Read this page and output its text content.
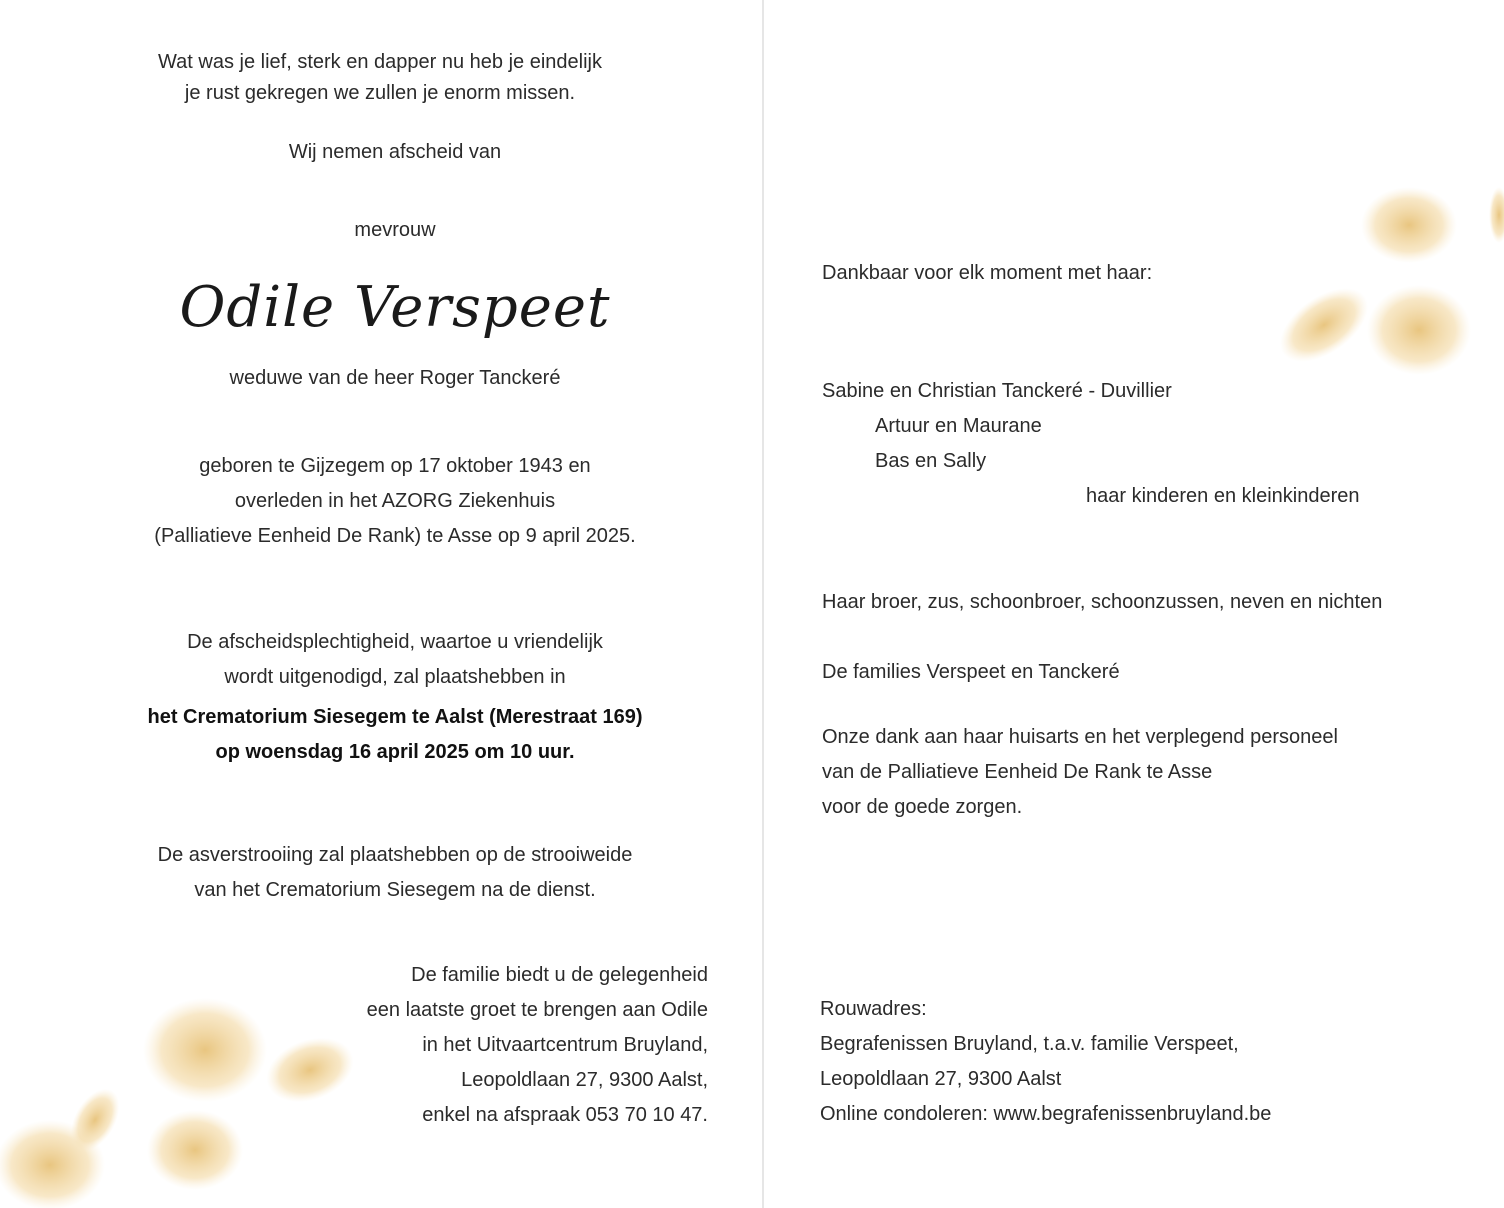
Wat was je lief, sterk en dapper nu heb je eindelijk
je rust gekregen we zullen je enorm missen.
Wij nemen afscheid van
mevrouw
Odile Verspeet
weduwe van de heer Roger Tanckeré
geboren te Gijzegem op 17 oktober 1943 en
overleden in het AZORG Ziekenhuis
(Palliatieve Eenheid De Rank) te Asse op 9 april 2025.
De afscheidsplechtigheid, waartoe u vriendelijk
wordt uitgenodigd, zal plaatshebben in
het Crematorium Siesegem te Aalst (Merestraat 169)
op woensdag 16 april 2025 om 10 uur.
De asverstrooiing zal plaatshebben op de strooiweide
van het Crematorium Siesegem na de dienst.
De familie biedt u de gelegenheid
een laatste groet te brengen aan Odile
in het Uitvaartcentrum Bruyland,
Leopoldlaan 27, 9300 Aalst,
enkel na afspraak 053 70 10 47.
Dankbaar voor elk moment met haar:
Sabine en Christian Tanckeré - Duvillier
Artuur en Maurane
Bas en Sally
haar kinderen en kleinkinderen
Haar broer, zus, schoonbroer, schoonzussen, neven en nichten
De families Verspeet en Tanckeré
Onze dank aan haar huisarts en het verplegend personeel
van de Palliatieve Eenheid De Rank te Asse
voor de goede zorgen.
Rouwadres:
Begrafenissen Bruyland, t.a.v. familie Verspeet,
Leopoldlaan 27, 9300 Aalst
Online condoleren: www.begrafenissenbruyland.be
